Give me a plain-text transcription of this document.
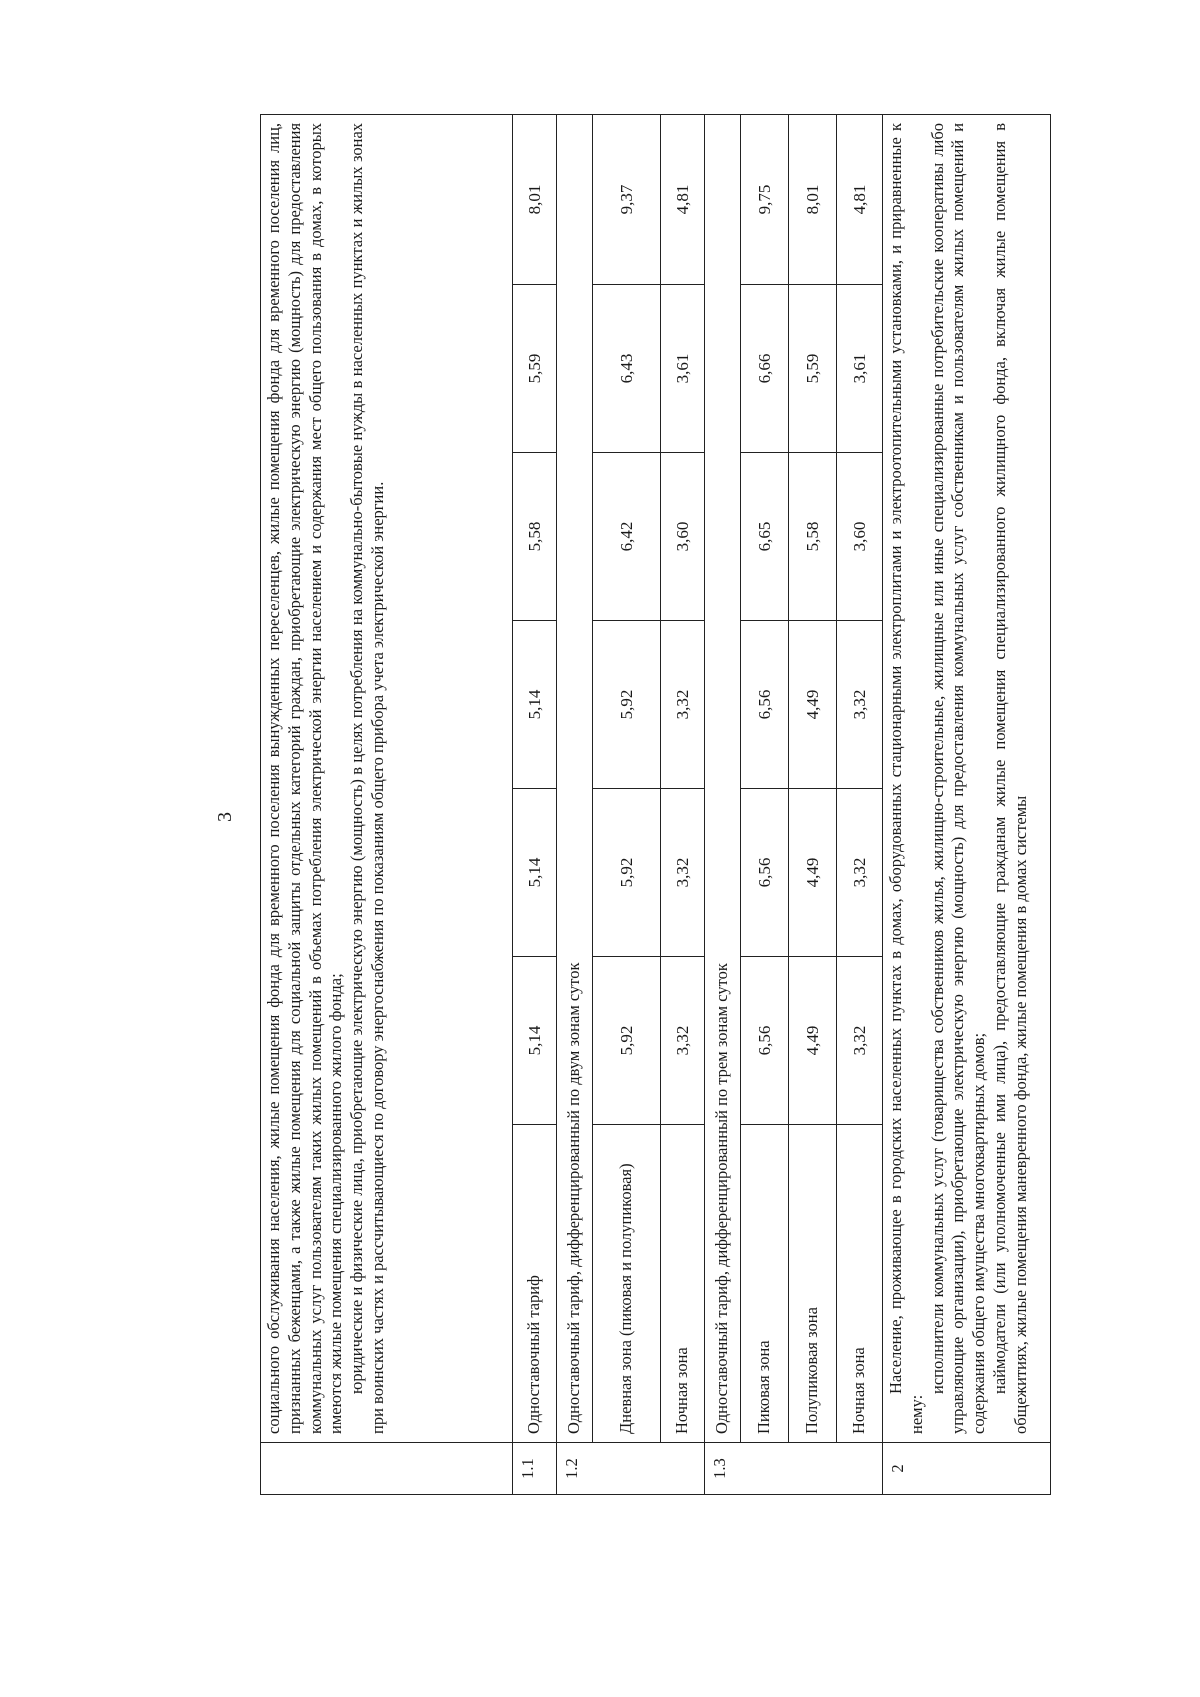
3

	социального обслуживания населения, жилые помещения фонда для временного поселения вынужденных переселенцев, жилые помещения фонда для временного поселения лиц, признанных беженцами, а также жилые помещения для социальной защиты отдельных категорий граждан, приобретающие электрическую энергию (мощность) для предоставления коммунальных услуг пользователям таких жилых помещений в объемах потребления электрической энергии населением и содержания мест общего пользования в домах, в которых имеются жилые помещения специализированного жилого фонда; юридические и физические лица, приобретающие электрическую энергию (мощность) в целях потребления на коммунально-бытовые нужды в населенных пунктах и жилых зонах при воинских частях и рассчитывающиеся по договору энергоснабжения по показаниям общего прибора учета электрической энергии.						

1.1	Одноставочный тариф	5,14	5,14	5,14	5,58	5,59	8,01
1.2	Одноставочный тариф, дифференцированный по двум зонам суток						
	Дневная зона (пиковая и полупиковая)	5,92	5,92	5,92	6,42	6,43	9,37
	Ночная зона	3,32	3,32	3,32	3,60	3,61	4,81
1.3	Одноставочный тариф, дифференцированный по трем зонам суток						
	Пиковая зона	6,56	6,56	6,56	6,65	6,66	9,75
	Полупиковая зона	4,49	4,49	4,49	5,58	5,59	8,01
	Ночная зона	3,32	3,32	3,32	3,60	3,61	4,81
2	Население, проживающее в городских населенных пунктах в домах, оборудованных стационарными электроплитами и электроотопительными установками, и приравненные к нему:

исполнители коммунальных услуг (товарищества собственников жилья, жилищно-строительные, жилищные или иные специализированные потребительские кооперативы либо управляющие организации), приобретающие электрическую энергию (мощность) для предоставления коммунальных услуг собственникам и пользователям жилых помещений и содержания общего имущества многоквартирных домов; наймодатели (или уполномоченные ими лица), предоставляющие гражданам жилые помещения специализированного жилищного фонда, включая жилые помещения в общежитиях, жилые помещения маневренного фонда, жилые помещения в домах системы						
